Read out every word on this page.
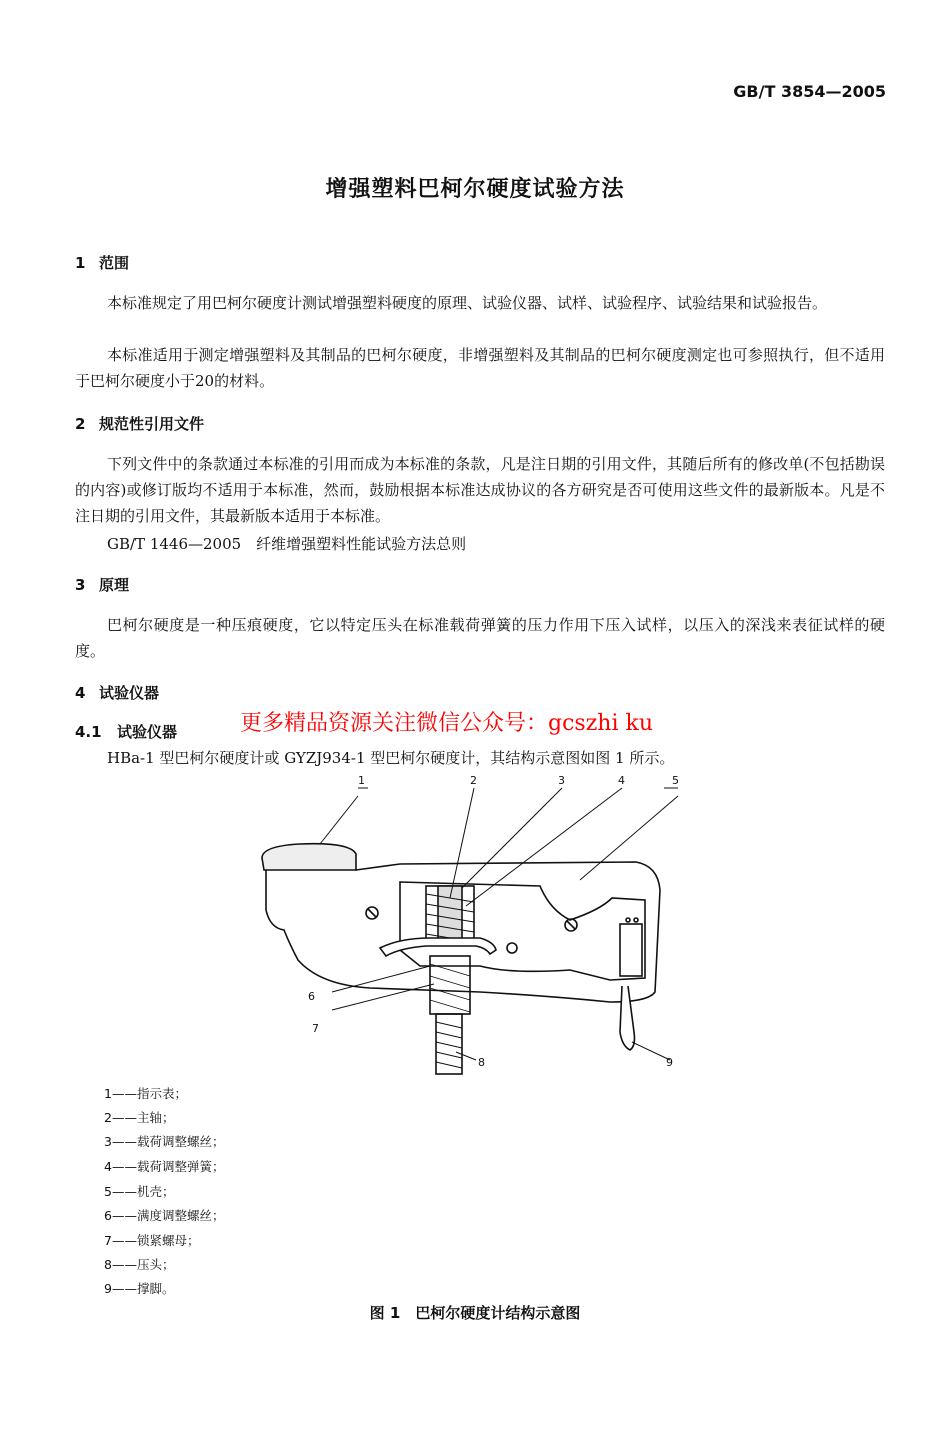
GB/T 3854—2005
增强塑料巴柯尔硬度试验方法
1 范围
本标准规定了用巴柯尔硬度计测试增强塑料硬度的原理、试验仪器、试样、试验程序、试验结果和试验报告。
本标准适用于测定增强塑料及其制品的巴柯尔硬度，非增强塑料及其制品的巴柯尔硬度测定也可参照执行，但不适用于巴柯尔硬度小于20的材料。
2 规范性引用文件
下列文件中的条款通过本标准的引用而成为本标准的条款，凡是注日期的引用文件，其随后所有的修改单(不包括勘误的内容)或修订版均不适用于本标准，然而，鼓励根据本标准达成协议的各方研究是否可使用这些文件的最新版本。凡是不注日期的引用文件，其最新版本适用于本标准。
GB/T 1446—2005　纤维增强塑料性能试验方法总则
3 原理
巴柯尔硬度是一种压痕硬度，它以特定压头在标准载荷弹簧的压力作用下压入试样，以压入的深浅来表征试样的硬度。
4 试验仪器
4.1 试验仪器	更多精品资源关注微信公众号：gcszhi ku
HBa-1 型巴柯尔硬度计或 GYZJ934-1 型巴柯尔硬度计，其结构示意图如图 1 所示。
1	2	3	4	5
6
7
8	9
1——指示表；
2——主轴；
3——载荷调整螺丝；
4——载荷调整弹簧；
5——机壳；
6——满度调整螺丝；
7——锁紧螺母；
8——压头；
9——撑脚。
图 1　巴柯尔硬度计结构示意图
